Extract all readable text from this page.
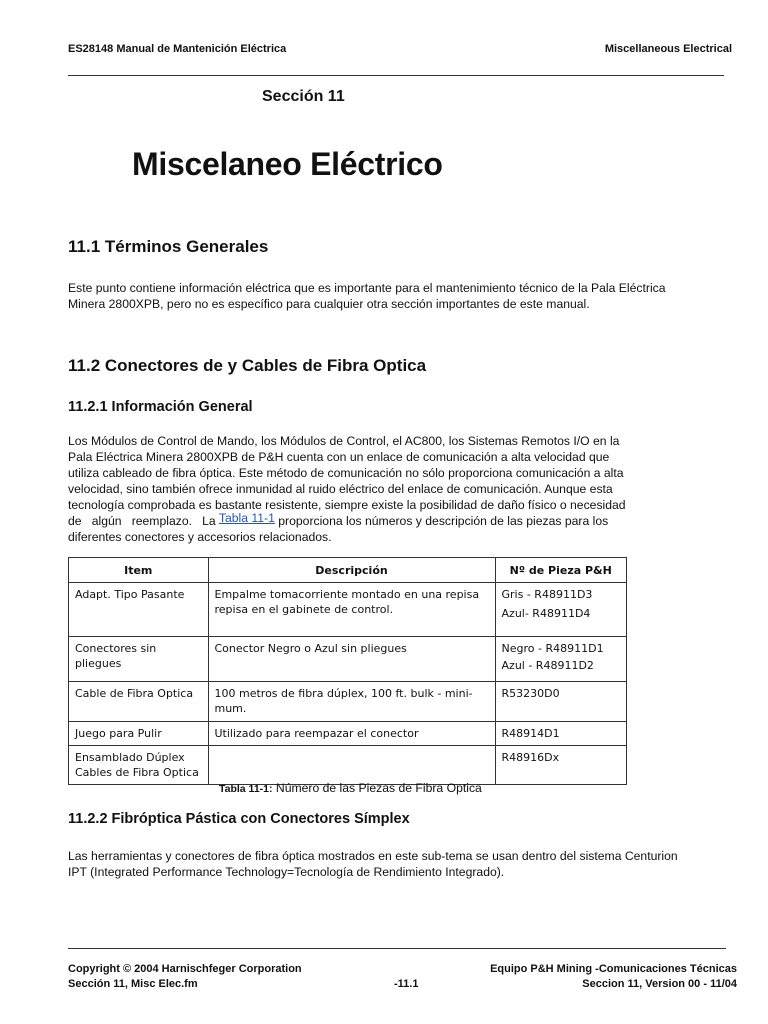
ES28148 Manual de Mantenición Eléctrica	Miscellaneous Electrical
Sección 11
Miscelaneo Eléctrico
11.1 Términos Generales

Este punto contiene información eléctrica que es importante para el mantenimiento técnico de la Pala Eléctrica
Minera 2800XPB, pero no es específico para cualquier otra sección importantes de este manual.

11.2 Conectores de y Cables de Fibra Optica
11.2.1 Información General

Los Módulos de Control de Mando, los Módulos de Control, el AC800, los Sistemas Remotos I/O en la
Pala Eléctrica Minera 2800XPB de P&H cuenta con un enlace de comunicación a alta velocidad que
utiliza cableado de fibra óptica. Este método de comunicación no sólo proporciona comunicación a alta
velocidad, sino también ofrece inmunidad al ruido eléctrico del enlace de comunicación. Aunque esta
tecnología comprobada es bastante resistente, siempre existe la posibilidad de daño físico o necesidad
de   algún   reemplazo.   La Tabla 11-1 proporciona los números y descripción de las piezas para los
diferentes conectores y accesorios relacionados.

Item	Descripción	Nº de Pieza P&H
Adapt. Tipo Pasante	Empalme tomacorriente montado en una repisa repisa en el gabinete de control.	Gris - R48911D3
Azul- R48911D4

Conectores sin pliegues	Conector Negro o Azul sin pliegues	Negro - R48911D1
Azul - R48911D2

Cable de Fibra Optica	100 metros de fibra dúplex, 100 ft. bulk - mini-mum.	R53230D0

Juego para Pulir	Utilizado para reempazar el conector	R48914D1

Ensamblado Dúplex Cables de Fibra Optica		R48916Dx
Tabla 11-1: Número de las Piezas de Fibra Optica
11.2.2 Fibróptica Pástica con Conectores Símplex

Las herramientas y conectores de fibra óptica mostrados en este sub-tema se usan dentro del sistema Centurion
IPT (Integrated Performance Technology=Tecnología de Rendimiento Integrado).

Copyright © 2004 Harnischfeger Corporation
Sección 11, Misc Elec.fm	-11.1
Equipo P&H Mining -Comunicaciones Técnicas
Seccion 11, Version 00 - 11/04
